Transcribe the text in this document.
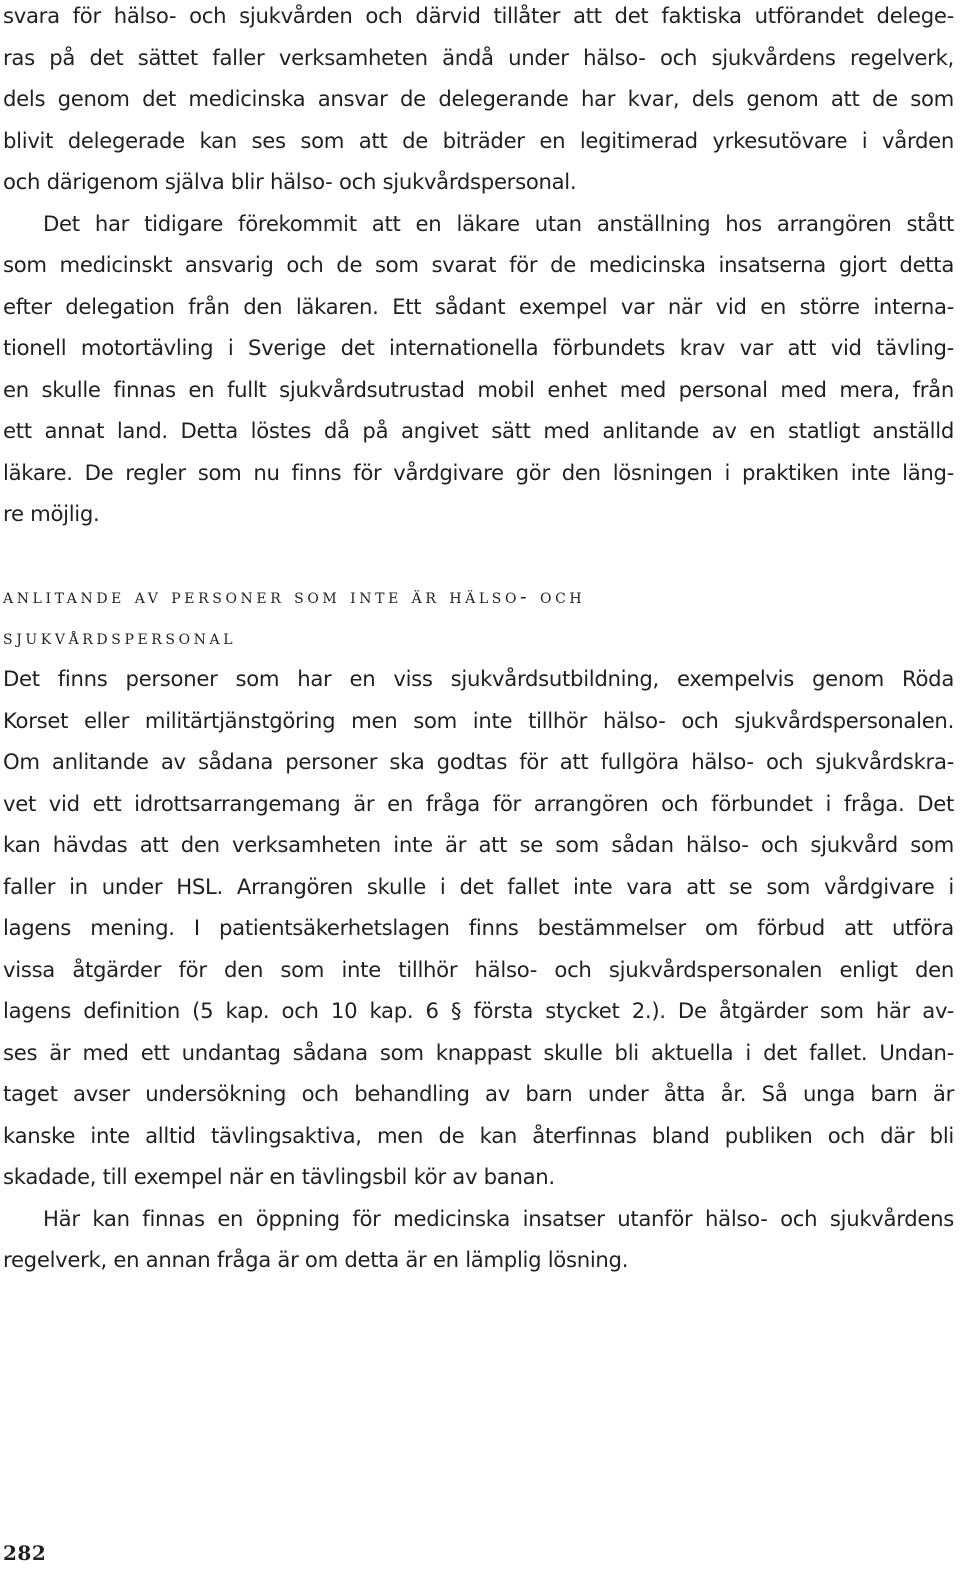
svara för hälso- och sjukvården och därvid tillåter att det faktiska utförandet delege-
ras på det sättet faller verksamheten ändå under hälso- och sjukvårdens regelverk,
dels genom det medicinska ansvar de delegerande har kvar, dels genom att de som
blivit delegerade kan ses som att de biträder en legitimerad yrkesutövare i vården
och därigenom själva blir hälso- och sjukvårdspersonal.
Det har tidigare förekommit att en läkare utan anställning hos arrangören stått
som medicinskt ansvarig och de som svarat för de medicinska insatserna gjort detta
efter delegation från den läkaren. Ett sådant exempel var när vid en större interna-
tionell motortävling i Sverige det internationella förbundets krav var att vid tävling-
en skulle finnas en fullt sjukvårdsutrustad mobil enhet med personal med mera, från
ett annat land. Detta löstes då på angivet sätt med anlitande av en statligt anställd
läkare. De regler som nu finns för vårdgivare gör den lösningen i praktiken inte läng-
re möjlig.
anlitande av personer som inte är hälso- och
sjukvårdspersonal
Det finns personer som har en viss sjukvårdsutbildning, exempelvis genom Röda
Korset eller militärtjänstgöring men som inte tillhör hälso- och sjukvårdspersonalen.
Om anlitande av sådana personer ska godtas för att fullgöra hälso- och sjukvårdskra-
vet vid ett idrottsarrangemang är en fråga för arrangören och förbundet i fråga. Det
kan hävdas att den verksamheten inte är att se som sådan hälso- och sjukvård som
faller in under HSL. Arrangören skulle i det fallet inte vara att se som vårdgivare i
lagens mening. I patientsäkerhetslagen finns bestämmelser om förbud att utföra
vissa åtgärder för den som inte tillhör hälso- och sjukvårdspersonalen enligt den
lagens definition (5 kap. och 10 kap. 6 § första stycket 2.). De åtgärder som här av-
ses är med ett undantag sådana som knappast skulle bli aktuella i det fallet. Undan-
taget avser undersökning och behandling av barn under åtta år. Så unga barn är
kanske inte alltid tävlingsaktiva, men de kan återfinnas bland publiken och där bli
skadade, till exempel när en tävlingsbil kör av banan.
Här kan finnas en öppning för medicinska insatser utanför hälso- och sjukvårdens
regelverk, en annan fråga är om detta är en lämplig lösning.
282
